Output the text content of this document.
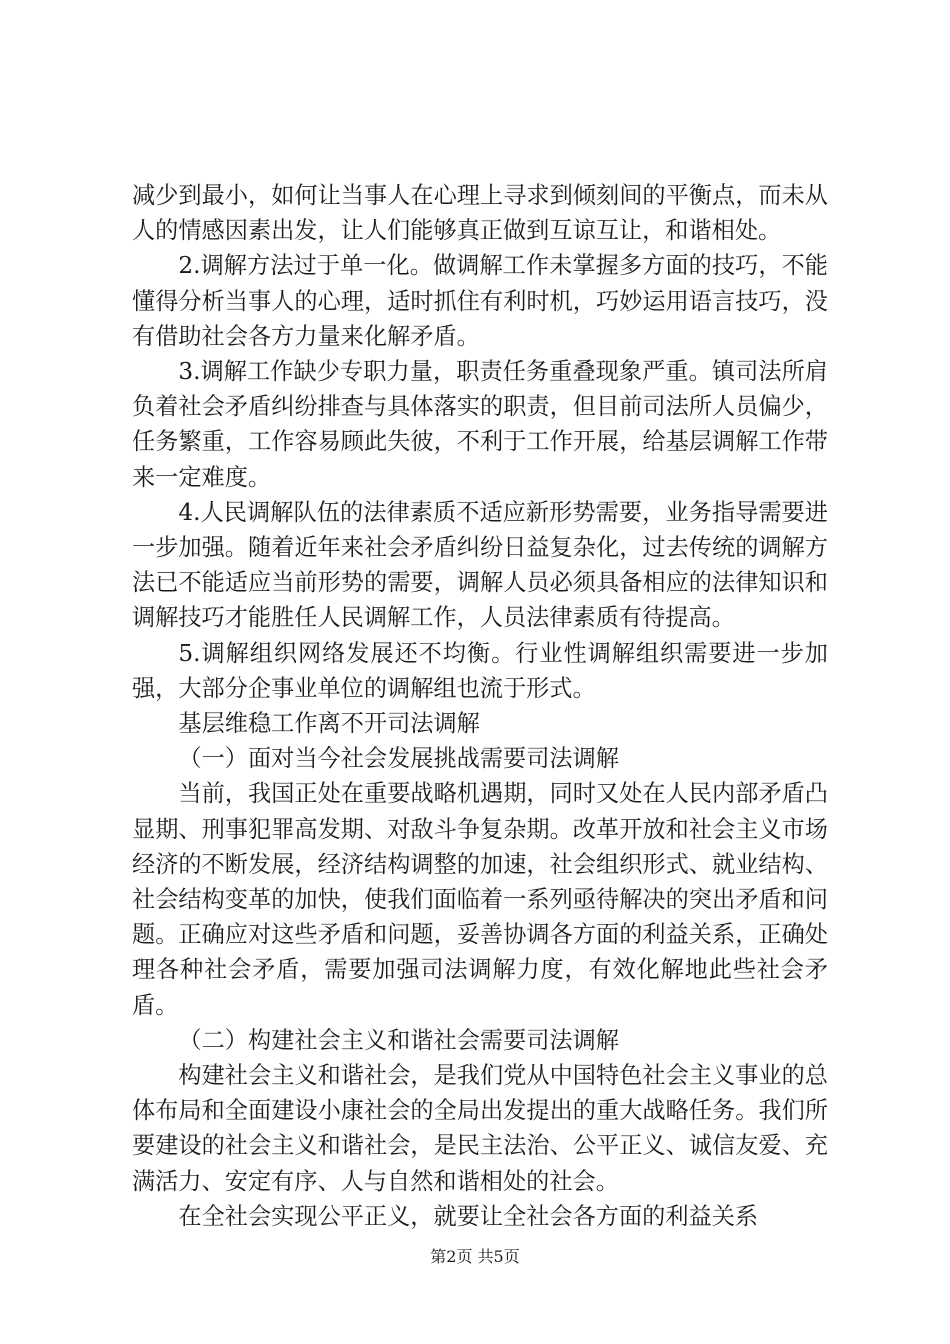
减少到最小，如何让当事人在心理上寻求到倾刻间的平衡点，而未从人的情感因素出发，让人们能够真正做到互谅互让，和谐相处。

2.调解方法过于单一化。做调解工作未掌握多方面的技巧，不能懂得分析当事人的心理，适时抓住有利时机，巧妙运用语言技巧，没有借助社会各方力量来化解矛盾。

3.调解工作缺少专职力量，职责任务重叠现象严重。镇司法所肩负着社会矛盾纠纷排查与具体落实的职责，但目前司法所人员偏少，任务繁重，工作容易顾此失彼，不利于工作开展，给基层调解工作带来一定难度。

4.人民调解队伍的法律素质不适应新形势需要，业务指导需要进一步加强。随着近年来社会矛盾纠纷日益复杂化，过去传统的调解方法已不能适应当前形势的需要，调解人员必须具备相应的法律知识和调解技巧才能胜任人民调解工作，人员法律素质有待提高。

5.调解组织网络发展还不均衡。行业性调解组织需要进一步加强，大部分企事业单位的调解组也流于形式。

基层维稳工作离不开司法调解

（一）面对当今社会发展挑战需要司法调解

当前，我国正处在重要战略机遇期，同时又处在人民内部矛盾凸显期、刑事犯罪高发期、对敌斗争复杂期。改革开放和社会主义市场经济的不断发展，经济结构调整的加速，社会组织形式、就业结构、社会结构变革的加快，使我们面临着一系列亟待解决的突出矛盾和问题。正确应对这些矛盾和问题，妥善协调各方面的利益关系，正确处理各种社会矛盾，需要加强司法调解力度，有效化解地此些社会矛盾。

（二）构建社会主义和谐社会需要司法调解

构建社会主义和谐社会，是我们党从中国特色社会主义事业的总体布局和全面建设小康社会的全局出发提出的重大战略任务。我们所要建设的社会主义和谐社会，是民主法治、公平正义、诚信友爱、充满活力、安定有序、人与自然和谐相处的社会。

在全社会实现公平正义，就要让全社会各方面的利益关系

第2页 共5页
